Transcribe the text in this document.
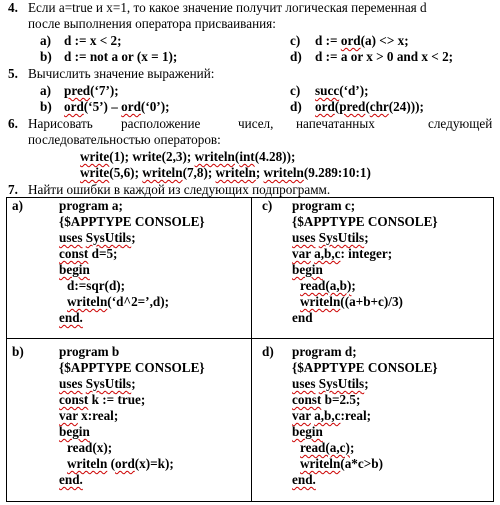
4. Если a=true и x=1, то какое значение получит логическая переменная d
после выполнения оператора присваивания:
a) d := x < 2;
b) d := not a or (x = 1);
c) d := ord(a) <> x;
d) d := a or x > 0 and x < 2;
5. Вычислить значение выражений:
a) pred(‘7’);
b) ord(‘5’) – ord(‘0’);
c) succ(‘d’);
d) ord(pred(chr(24)));
6. Нарисовать расположение	чисел, напечатанных	следующей
последовательностью операторов:
write(1); write(2,3); writeln(int(4.28));
write(5,6); writeln(7,8); writeln; writeln(9.289:10:1)
7. Найти ошибки в каждой из следующих подпрограмм.
a)	program a;
{$APPTYPE CONSOLE}
uses SysUtils;
const d=5;
begin
d:=sqr(d);
writeln(‘d^2=’,d);
end.
c) program c;
{$APPTYPE CONSOLE}
uses SysUtils;
var a,b,c: integer;
begin
read(a,b);
writeln((a+b+c)/3)
end
b)	program b
{$APPTYPE CONSOLE}
uses SysUtils;
const k := true;
var x:real;
begin
read(x);
writeln (ord(x)=k);
end.
d) program d;
{$APPTYPE CONSOLE}
uses SysUtils;
const b=2.5;
var a,b,c:real;
begin
read(a,c);
writeln(a*c>b)
end.
